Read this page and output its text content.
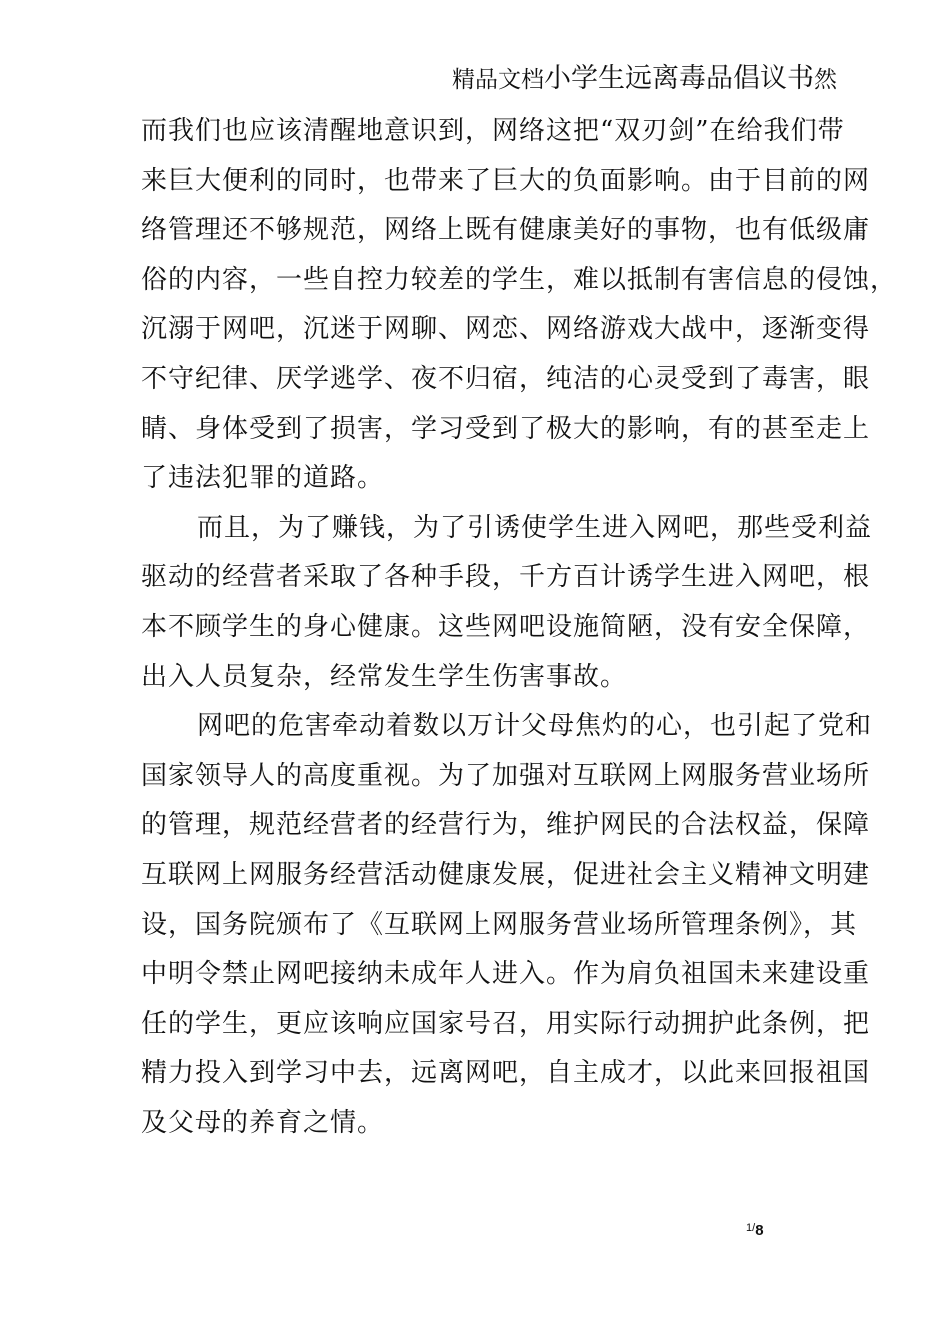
精品文档小学生远离毒品倡议书然
而我们也应该清醒地意识到，网络这把“双刃剑”在给我们带
来巨大便利的同时，也带来了巨大的负面影响。由于目前的网
络管理还不够规范，网络上既有健康美好的事物，也有低级庸
俗的内容，一些自控力较差的学生，难以抵制有害信息的侵蚀，
沉溺于网吧，沉迷于网聊、网恋、网络游戏大战中，逐渐变得
不守纪律、厌学逃学、夜不归宿，纯洁的心灵受到了毒害，眼
睛、身体受到了损害，学习受到了极大的影响，有的甚至走上
了违法犯罪的道路。
而且，为了赚钱，为了引诱使学生进入网吧，那些受利益
驱动的经营者采取了各种手段，千方百计诱学生进入网吧，根
本不顾学生的身心健康。这些网吧设施简陋，没有安全保障，
出入人员复杂，经常发生学生伤害事故。
网吧的危害牵动着数以万计父母焦灼的心，也引起了党和
国家领导人的高度重视。为了加强对互联网上网服务营业场所
的管理，规范经营者的经营行为，维护网民的合法权益，保障
互联网上网服务经营活动健康发展，促进社会主义精神文明建
设，国务院颁布了《互联网上网服务营业场所管理条例》，其
中明令禁止网吧接纳未成年人进入。作为肩负祖国未来建设重
任的学生，更应该响应国家号召，用实际行动拥护此条例，把
精力投入到学习中去，远离网吧，自主成才，以此来回报祖国
及父母的养育之情。
$^{1/}$8
